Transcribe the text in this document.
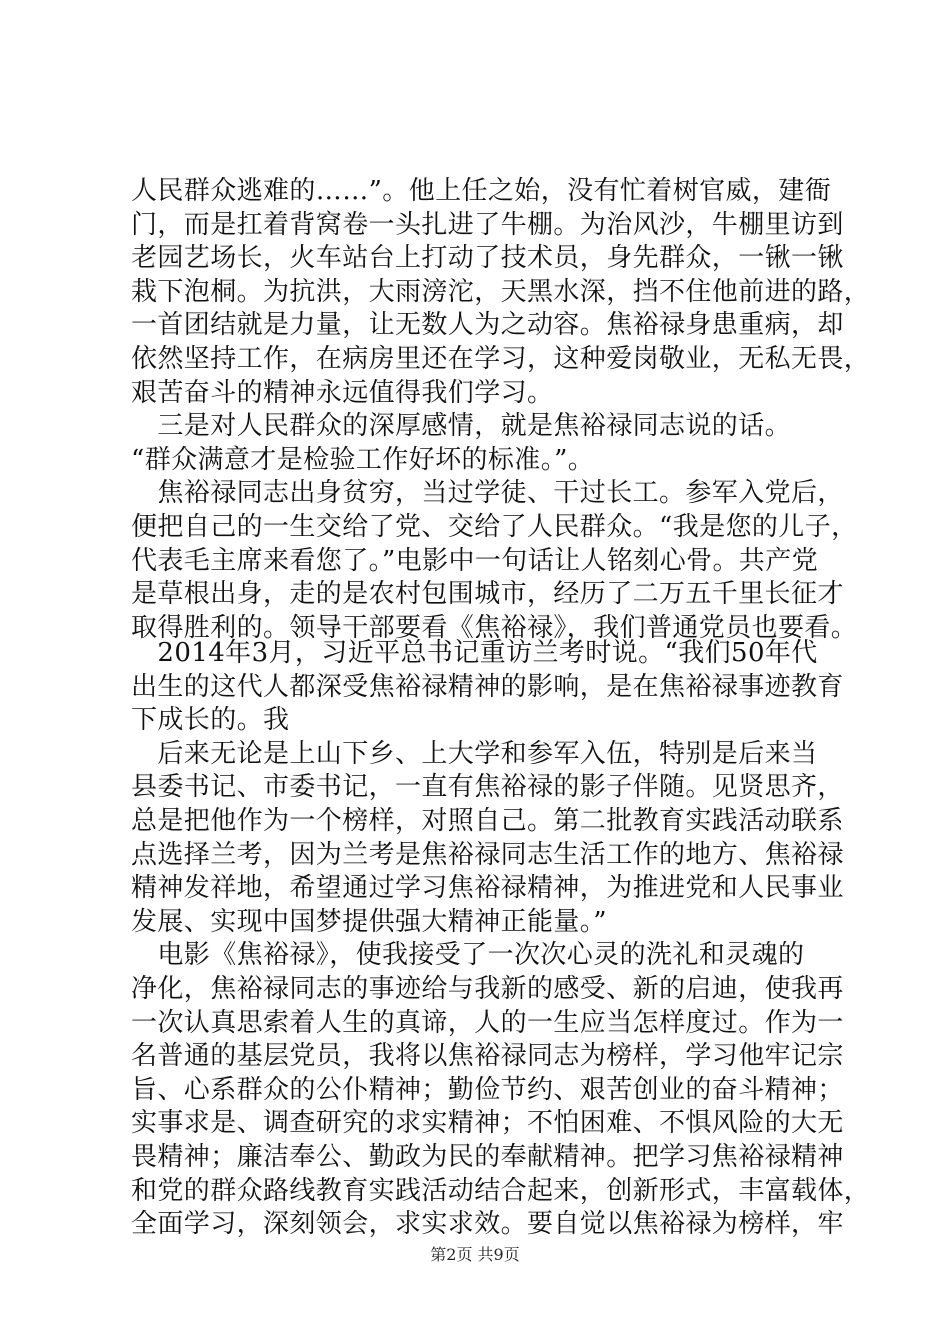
人民群众逃难的……”。他上任之始，没有忙着树官威，建衙
门，而是扛着背窝卷一头扎进了牛棚。为治风沙，牛棚里访到
老园艺场长，火车站台上打动了技术员，身先群众，一锹一锹
栽下泡桐。为抗洪，大雨滂沱，天黑水深，挡不住他前进的路，
一首团结就是力量，让无数人为之动容。焦裕禄身患重病，却
依然坚持工作，在病房里还在学习，这种爱岗敬业，无私无畏，
艰苦奋斗的精神永远值得我们学习。
　三是对人民群众的深厚感情，就是焦裕禄同志说的话。
“群众满意才是检验工作好坏的标准。”。
　焦裕禄同志出身贫穷，当过学徒、干过长工。参军入党后，
便把自己的一生交给了党、交给了人民群众。“我是您的儿子，
代表毛主席来看您了。”电影中一句话让人铭刻心骨。共产党
是草根出身，走的是农村包围城市，经历了二万五千里长征才
取得胜利的。领导干部要看《焦裕禄》，我们普通党员也要看。
　2014年3月，习近平总书记重访兰考时说。“我们50年代
出生的这代人都深受焦裕禄精神的影响，是在焦裕禄事迹教育
下成长的。我
　后来无论是上山下乡、上大学和参军入伍，特别是后来当
县委书记、市委书记，一直有焦裕禄的影子伴随。见贤思齐，
总是把他作为一个榜样，对照自己。第二批教育实践活动联系
点选择兰考，因为兰考是焦裕禄同志生活工作的地方、焦裕禄
精神发祥地，希望通过学习焦裕禄精神，为推进党和人民事业
发展、实现中国梦提供强大精神正能量。”
　电影《焦裕禄》，使我接受了一次次心灵的洗礼和灵魂的
净化，焦裕禄同志的事迹给与我新的感受、新的启迪，使我再
一次认真思索着人生的真谛，人的一生应当怎样度过。作为一
名普通的基层党员，我将以焦裕禄同志为榜样，学习他牢记宗
旨、心系群众的公仆精神；勤俭节约、艰苦创业的奋斗精神；
实事求是、调查研究的求实精神；不怕困难、不惧风险的大无
畏精神；廉洁奉公、勤政为民的奉献精神。把学习焦裕禄精神
和党的群众路线教育实践活动结合起来，创新形式，丰富载体，
全面学习，深刻领会，求实求效。要自觉以焦裕禄为榜样，牢
第2页 共9页
